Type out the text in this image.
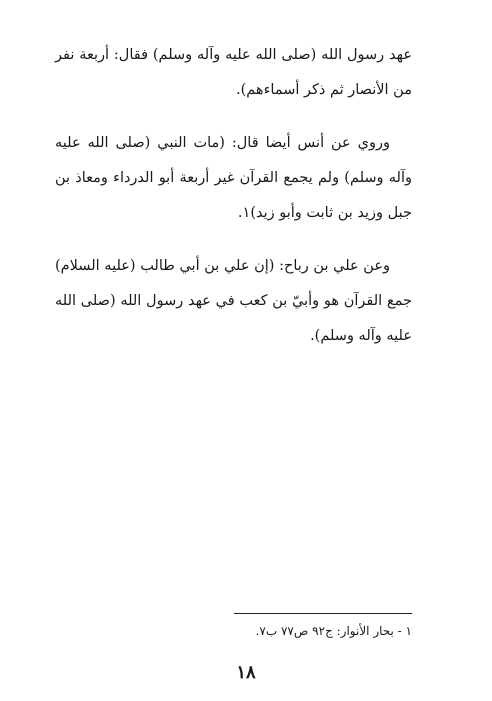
عهد رسول الله (صلى الله عليه وآله وسلم) فقال: أربعة نفر من الأنصار ثم ذكر أسماءهم).

وروي عن أنس أيضا قال: (مات النبي (صلى الله عليه وآله وسلم) ولم يجمع القرآن غير أربعة أبو الدرداء ومعاذ بن جبل وزيد بن ثابت وأبو زيد)١.

وعن علي بن رباح: (إن علي بن أبي طالب (عليه السلام) جمع القرآن هو وأبيّ بن كعب في عهد رسول الله (صلى الله عليه وآله وسلم).

١ - بحار الأنوار: ج٩٢ ص٧٧ ب٧.
١٨
